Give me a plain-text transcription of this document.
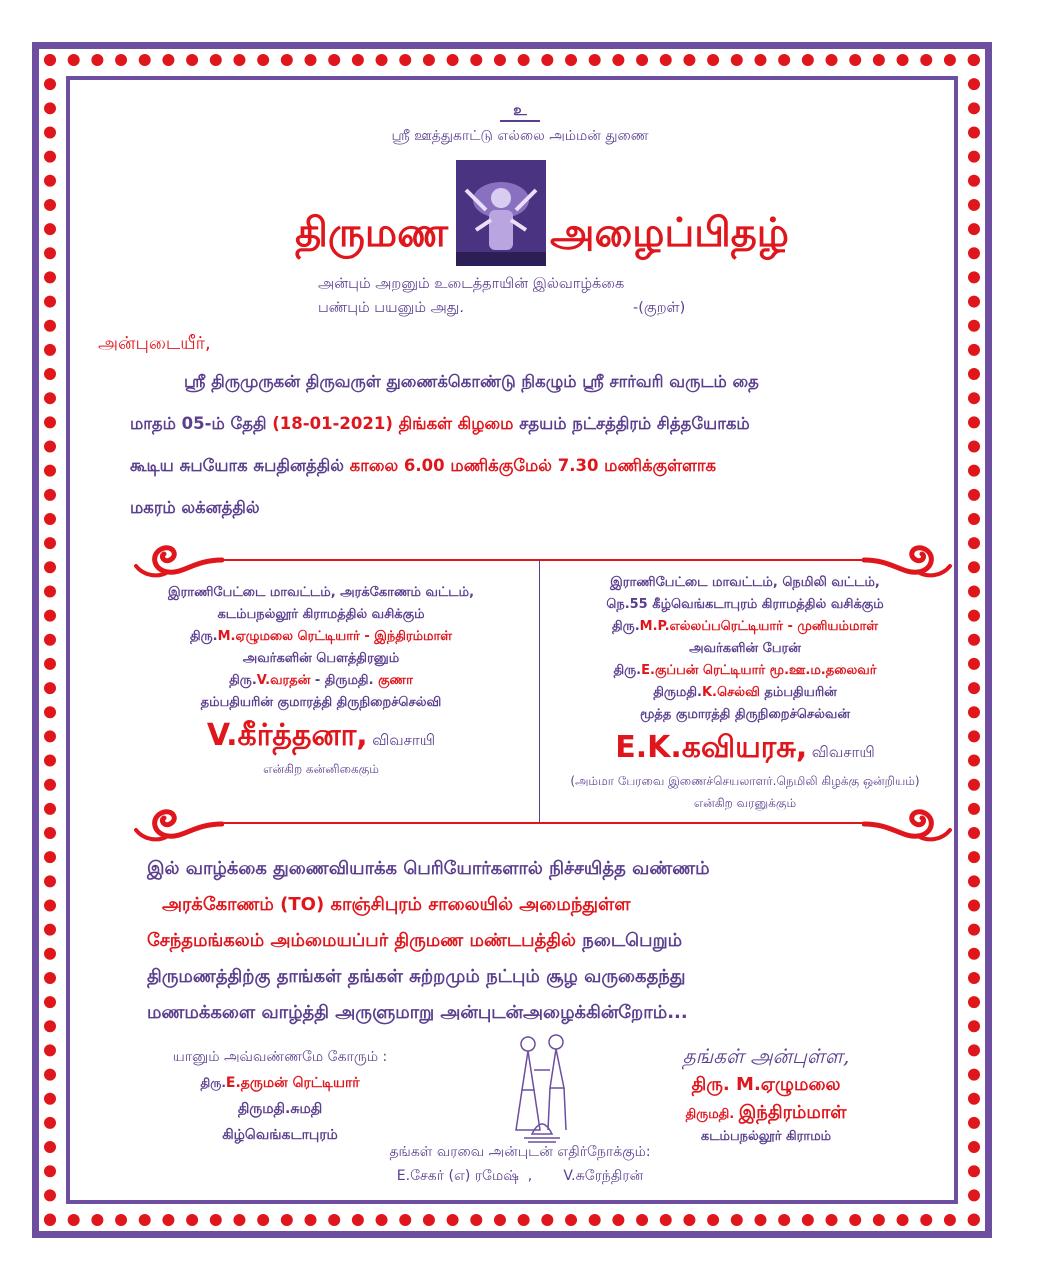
உ
ஸ்ரீ ஊத்துகாட்டு எல்லை அம்மன் துணை
திருமண	அழைப்பிதழ்
அன்பும் அறனும் உடைத்தாயின் இல்வாழ்க்கை
பண்பும் பயனும் அது.	-(குறள்)
அன்புடையீர்,
ஸ்ரீ திருமுருகன் திருவருள் துணைக்கொண்டு நிகழும் ஸ்ரீ சார்வரி வருடம் தை
மாதம் 05-ம் தேதி (18-01-2021) திங்கள் கிழமை சதயம் நட்சத்திரம் சித்தயோகம்
கூடிய சுபயோக சுபதினத்தில் காலை 6.00 மணிக்குமேல் 7.30 மணிக்குள்ளாக
மகரம் லக்னத்தில்
இராணிபேட்டை மாவட்டம், அரக்கோணம் வட்டம்,
கடம்பநல்லூர் கிராமத்தில் வசிக்கும்
திரு.M.ஏழுமலை ரெட்டியார் - இந்திரம்மாள்
அவர்களின் பௌத்திரனும்
திரு.V.வரதன் - திருமதி. குணா
தம்பதியரின் குமாரத்தி திருநிறைச்செல்வி
V.கீர்த்தனா, விவசாயி
என்கிற கன்னிகைகும்
இராணிபேட்டை மாவட்டம், நெமிலி வட்டம்,
நெ.55 கீழ்வெங்கடாபுரம் கிராமத்தில் வசிக்கும்
திரு.M.P.எல்லப்பரெட்டியார் - முனியம்மாள்
அவர்களின் பேரன்
திரு.E.குப்பன் ரெட்டியார் மூ.ஊ.ம.தலைவர்
திருமதி.K.செல்வி தம்பதியரின்
மூத்த குமாரத்தி திருநிறைச்செல்வன்
E.K.கவியரசு, விவசாயி
(அம்மா பேரவை இணைச்செயலாளர்.நெமிலி கிழக்கு ஒன்றியம்)
என்கிற வரனுக்கும்
இல் வாழ்க்கை துணைவியாக்க பெரியோர்களால் நிச்சயித்த வண்ணம்
அரக்கோணம் (TO) காஞ்சிபுரம் சாலையில் அமைந்துள்ள
சேந்தமங்கலம் அம்மையப்பர் திருமண மண்டபத்தில் நடைபெறும்
திருமணத்திற்கு தாங்கள் தங்கள் சுற்றமும் நட்பும் சூழ வருகைதந்து
மணமக்களை வாழ்த்தி அருளுமாறு அன்புடன்அழைக்கின்றோம்...
யானும் அவ்வண்ணமே கோரும் :
திரு.E.தருமன் ரெட்டியார்
திருமதி.சுமதி
கிழ்வெங்கடாபுரம்
தங்கள் அன்புள்ள,
திரு. M.ஏழுமலை
திருமதி. இந்திரம்மாள்
கடம்பநல்லூர் கிராமம்
தங்கள் வரவை அன்புடன் எதிர்நோக்கும்:
E.சேகர் (எ) ரமேஷ்  ,       V.சுரேந்திரன்
